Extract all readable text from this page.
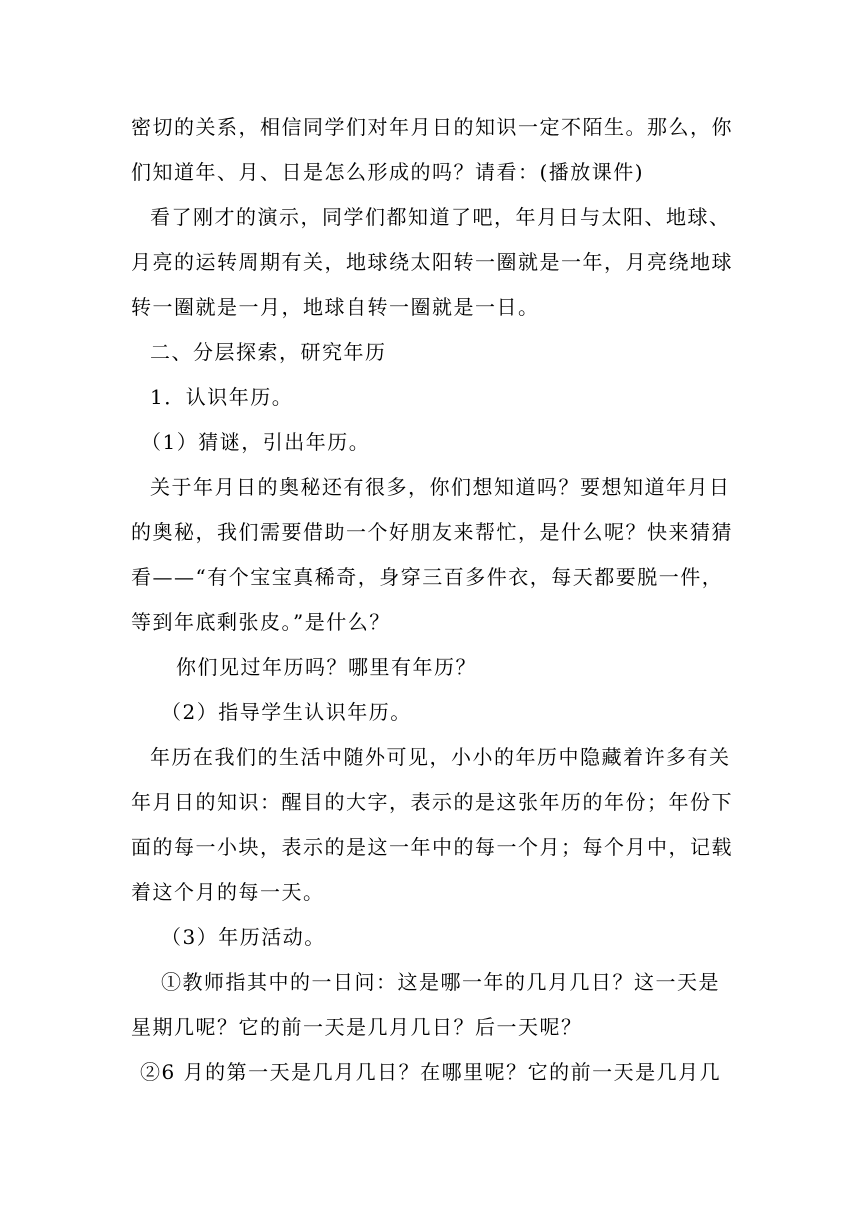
密切的关系，相信同学们对年月日的知识一定不陌生。那么，你
们知道年、月、日是怎么形成的吗？请看：(播放课件)
看了刚才的演示，同学们都知道了吧，年月日与太阳、地球、
月亮的运转周期有关，地球绕太阳转一圈就是一年，月亮绕地球
转一圈就是一月，地球自转一圈就是一日。
二、分层探索，研究年历
1．认识年历。
（1）猜谜，引出年历。
关于年月日的奥秘还有很多，你们想知道吗？要想知道年月日
的奥秘，我们需要借助一个好朋友来帮忙，是什么呢？快来猜猜
看——“有个宝宝真稀奇，身穿三百多件衣，每天都要脱一件，
等到年底剩张皮。”是什么？
你们见过年历吗？哪里有年历？
（2）指导学生认识年历。
年历在我们的生活中随外可见，小小的年历中隐藏着许多有关
年月日的知识：醒目的大字，表示的是这张年历的年份；年份下
面的每一小块，表示的是这一年中的每一个月；每个月中，记载
着这个月的每一天。
（3）年历活动。
①教师指其中的一日问：这是哪一年的几月几日？这一天是
星期几呢？它的前一天是几月几日？后一天呢？
②6 月的第一天是几月几日？在哪里呢？它的前一天是几月几
